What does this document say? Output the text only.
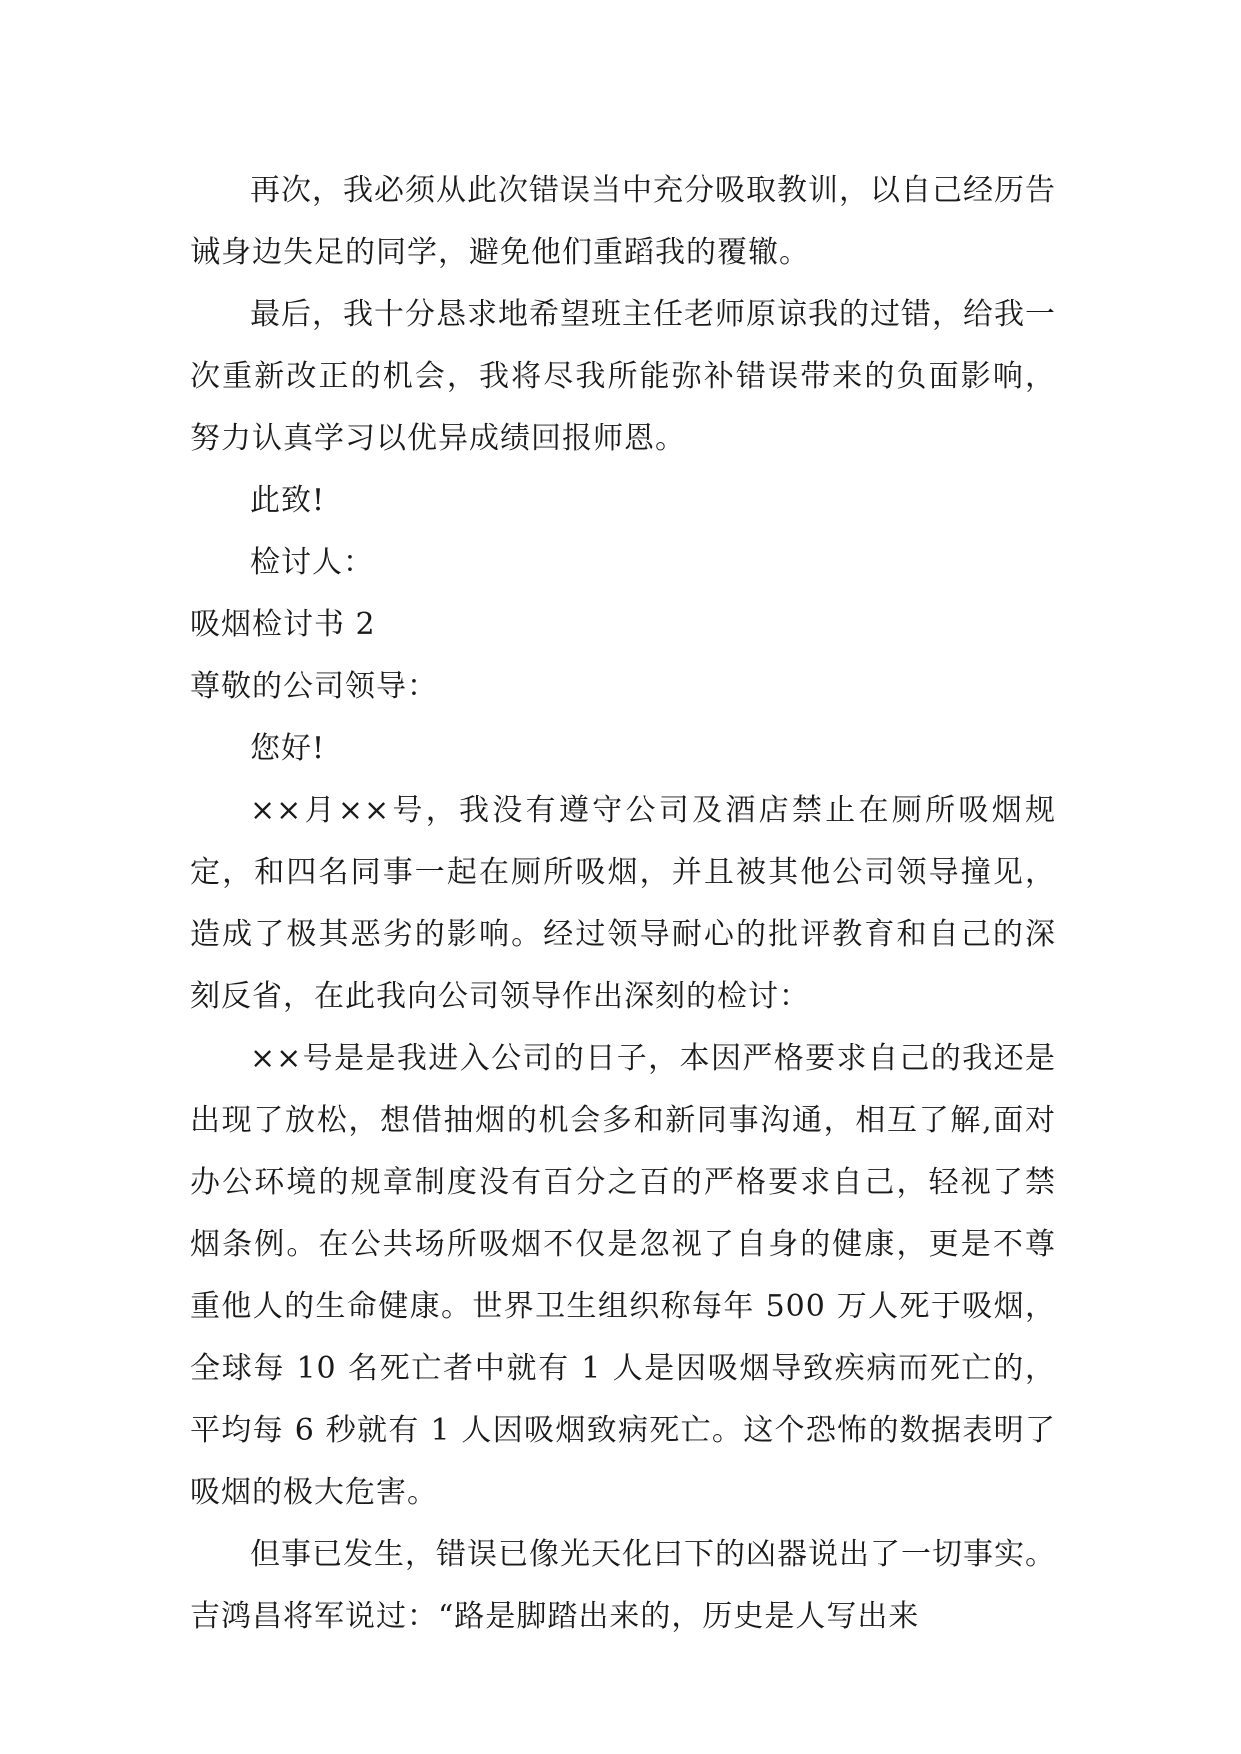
再次，我必须从此次错误当中充分吸取教训，以自己经历告诫身边失足的同学，避免他们重蹈我的覆辙。

最后，我十分恳求地希望班主任老师原谅我的过错，给我一次重新改正的机会，我将尽我所能弥补错误带来的负面影响，努力认真学习以优异成绩回报师恩。

此致!

检讨人：

吸烟检讨书 2

尊敬的公司领导：

您好!

××月××号，我没有遵守公司及酒店禁止在厕所吸烟规定，和四名同事一起在厕所吸烟，并且被其他公司领导撞见，造成了极其恶劣的影响。经过领导耐心的批评教育和自己的深刻反省，在此我向公司领导作出深刻的检讨：

××号是是我进入公司的日子，本因严格要求自己的我还是出现了放松，想借抽烟的机会多和新同事沟通，相互了解,面对办公环境的规章制度没有百分之百的严格要求自己，轻视了禁烟条例。在公共场所吸烟不仅是忽视了自身的健康，更是不尊重他人的生命健康。世界卫生组织称每年 500 万人死于吸烟，全球每 10 名死亡者中就有 1 人是因吸烟导致疾病而死亡的，平均每 6 秒就有 1 人因吸烟致病死亡。这个恐怖的数据表明了吸烟的极大危害。

但事已发生，错误已像光天化曰下的凶器说出了一切事实。吉鸿昌将军说过：“路是脚踏出来的，历史是人写出来
